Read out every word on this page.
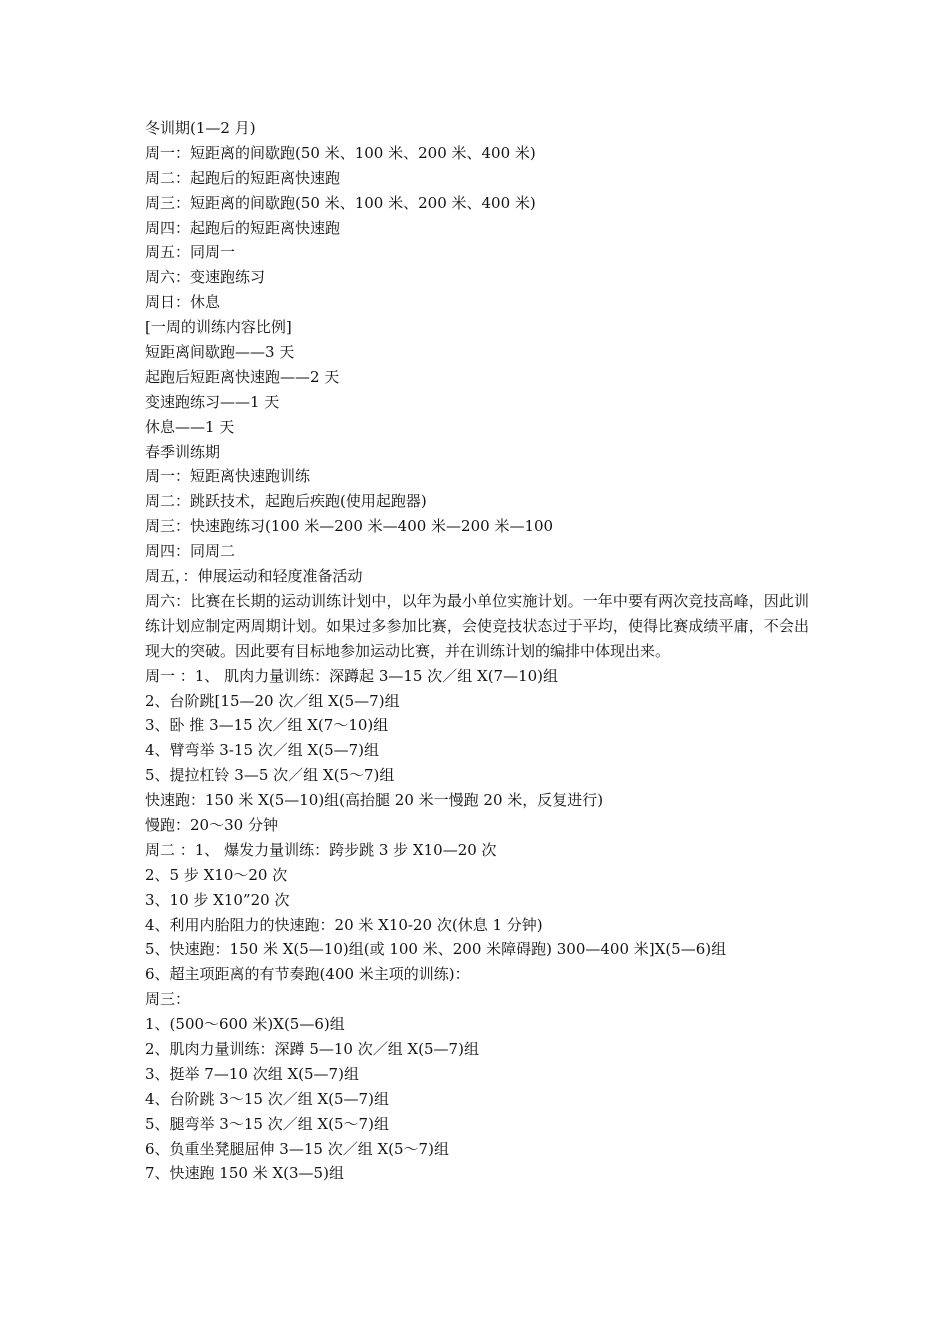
冬训期(1—2 月)
周一：短距离的间歇跑(50 米、100 米、200 米、400 米)
周二：起跑后的短距离快速跑
周三：短距离的间歇跑(50 米、100 米、200 米、400 米)
周四：起跑后的短距离快速跑
周五：同周一
周六：变速跑练习
周日：休息
[一周的训练内容比例]
短距离间歇跑——3 天
起跑后短距离快速跑——2 天
变速跑练习——1 天
休息——1 天
春季训练期
周一：短距离快速跑训练
周二：跳跃技术，起跑后疾跑(使用起跑器)
周三：快速跑练习(100 米—200 米—400 米—200 米—100
周四：同周二
周五，：伸展运动和轻度准备活动
周六：比赛在长期的运动训练计划中，以年为最小单位实施计划。一年中要有两次竞技高峰，因此训练计划应制定两周期计划。如果过多参加比赛，会使竞技状态过于平均，使得比赛成绩平庸，不会出现大的突破。因此要有目标地参加运动比赛，并在训练计划的编排中体现出来。
周一 ：1、 肌肉力量训练：深蹲起 3—15 次／组 X(7—10)组
2、台阶跳[15—20 次／组 X(5—7)组
3、卧 推 3—15 次／组 X(7～10)组
4、臂弯举 3-15 次／组 X(5—7)组
5、提拉杠铃 3—5 次／组 X(5～7)组
快速跑：150 米 X(5—10)组(高抬腿 20 米一慢跑 20 米，反复进行)
慢跑：20～30 分钟
周二 ：1、 爆发力量训练：跨步跳 3 步 X10—20 次
2、5 步 X10～20 次
3、10 步 X10”20 次
4、利用内胎阻力的快速跑：20 米 X10-20 次(休息 1 分钟)
5、快速跑：150 米 X(5—10)组(或 100 米、200 米障碍跑) 300—400 米]X(5—6)组
6、超主项距离的有节奏跑(400 米主项的训练)：
周三：
1、(500～600 米)X(5—6)组
2、肌肉力量训练：深蹲 5—10 次／组 X(5—7)组
3、挺举 7—10 次组 X(5—7)组
4、台阶跳 3～15 次／组 X(5—7)组
5、腿弯举 3～15 次／组 X(5～7)组
6、负重坐凳腿屈伸 3—15 次／组 X(5～7)组
7、快速跑 150 米 X(3—5)组
